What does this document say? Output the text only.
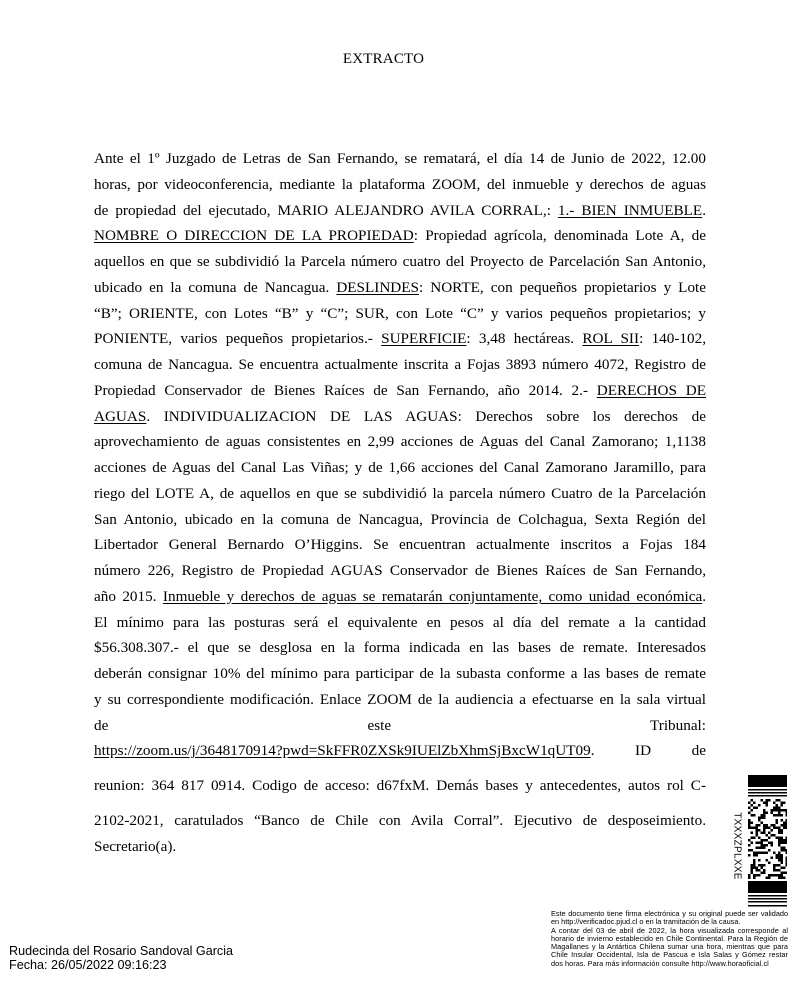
EXTRACTO
Ante el 1º Juzgado de Letras de San Fernando, se rematará, el día 14 de Junio de 2022, 12.00
horas, por videoconferencia, mediante la plataforma ZOOM, del inmueble y derechos de aguas
de propiedad del ejecutado, MARIO ALEJANDRO AVILA CORRAL,: 1.- BIEN INMUEBLE.
NOMBRE O DIRECCION DE LA PROPIEDAD: Propiedad agrícola, denominada Lote A, de
aquellos en que se subdividió la Parcela número cuatro del Proyecto de Parcelación San Antonio,
ubicado en la comuna de Nancagua. DESLINDES: NORTE, con pequeños propietarios y Lote
“B”; ORIENTE, con Lotes “B” y “C”; SUR, con Lote “C” y varios pequeños propietarios; y
PONIENTE, varios pequeños propietarios.- SUPERFICIE: 3,48 hectáreas. ROL SII: 140-102,
comuna de Nancagua. Se encuentra actualmente inscrita a Fojas 3893 número 4072, Registro de
Propiedad Conservador de Bienes Raíces de San Fernando, año 2014. 2.- DERECHOS DE
AGUAS. INDIVIDUALIZACION DE LAS AGUAS: Derechos sobre los derechos de
aprovechamiento de aguas consistentes en 2,99 acciones de Aguas del Canal Zamorano; 1,1138
acciones de Aguas del Canal Las Viñas; y de 1,66 acciones del Canal Zamorano Jaramillo, para
riego del LOTE A, de aquellos en que se subdividió la parcela número Cuatro de la Parcelación
San Antonio, ubicado en la comuna de Nancagua, Provincia de Colchagua, Sexta Región del
Libertador General Bernardo O’Higgins. Se encuentran actualmente inscritos a Fojas 184
número 226, Registro de Propiedad AGUAS Conservador de Bienes Raíces de San Fernando,
año 2015. Inmueble y derechos de aguas se rematarán conjuntamente, como unidad económica.
El mínimo para las posturas será el equivalente en pesos al día del remate a la cantidad
$56.308.307.- el que se desglosa en la forma indicada en las bases de remate. Interesados
deberán consignar 10% del mínimo para participar de la subasta conforme a las bases de remate
y su correspondiente modificación. Enlace ZOOM de la audiencia a efectuarse en la sala virtual
de este Tribunal:
https://zoom.us/j/3648170914?pwd=SkFFR0ZXSk9IUElZbXhmSjBxcW1qUT09. ID de
reunion: 364 817 0914. Codigo de acceso: d67fxM. Demás bases y antecedentes, autos rol C-
2102-2021, caratulados “Banco de Chile con Avila Corral”. Ejecutivo de desposeimiento.
Secretario(a).	TXXXZPLXXE

Este documento tiene firma electrónica y su original puede ser validado en http://verificadoc.pjud.cl o en la tramitación de la causa.

A contar del 03 de abril de 2022, la hora visualizada corresponde al horario de invierno establecido en Chile Continental. Para la Región de Magallanes y la Antártica Chilena sumar una hora, mientras que para Chile Insular Occidental, Isla de Pascua e Isla Salas y Gómez restar dos horas. Para más información consulte http://www.horaoficial.cl

Rudecinda del Rosario Sandoval Garcia
Fecha: 26/05/2022 09:16:23
